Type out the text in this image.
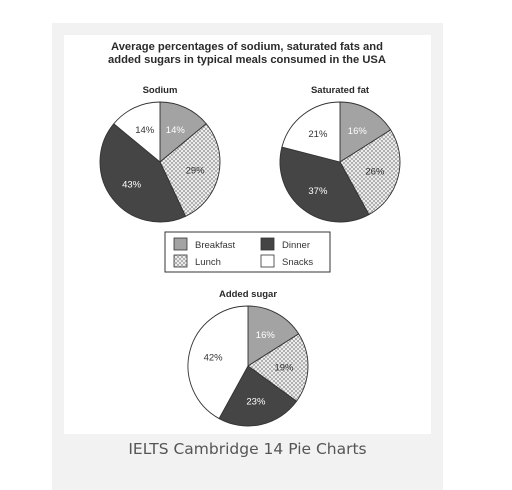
Average percentages of sodium, saturated fats and
added sugars in typical meals consumed in the USA
Sodium	Saturated fat
Added sugar
14%
29%
43%
14%	16%
26%
37%
21%
16%
19%
23%
42%
Breakfast	Dinner
Lunch	Snacks
IELTS Cambridge 14 Pie Charts
